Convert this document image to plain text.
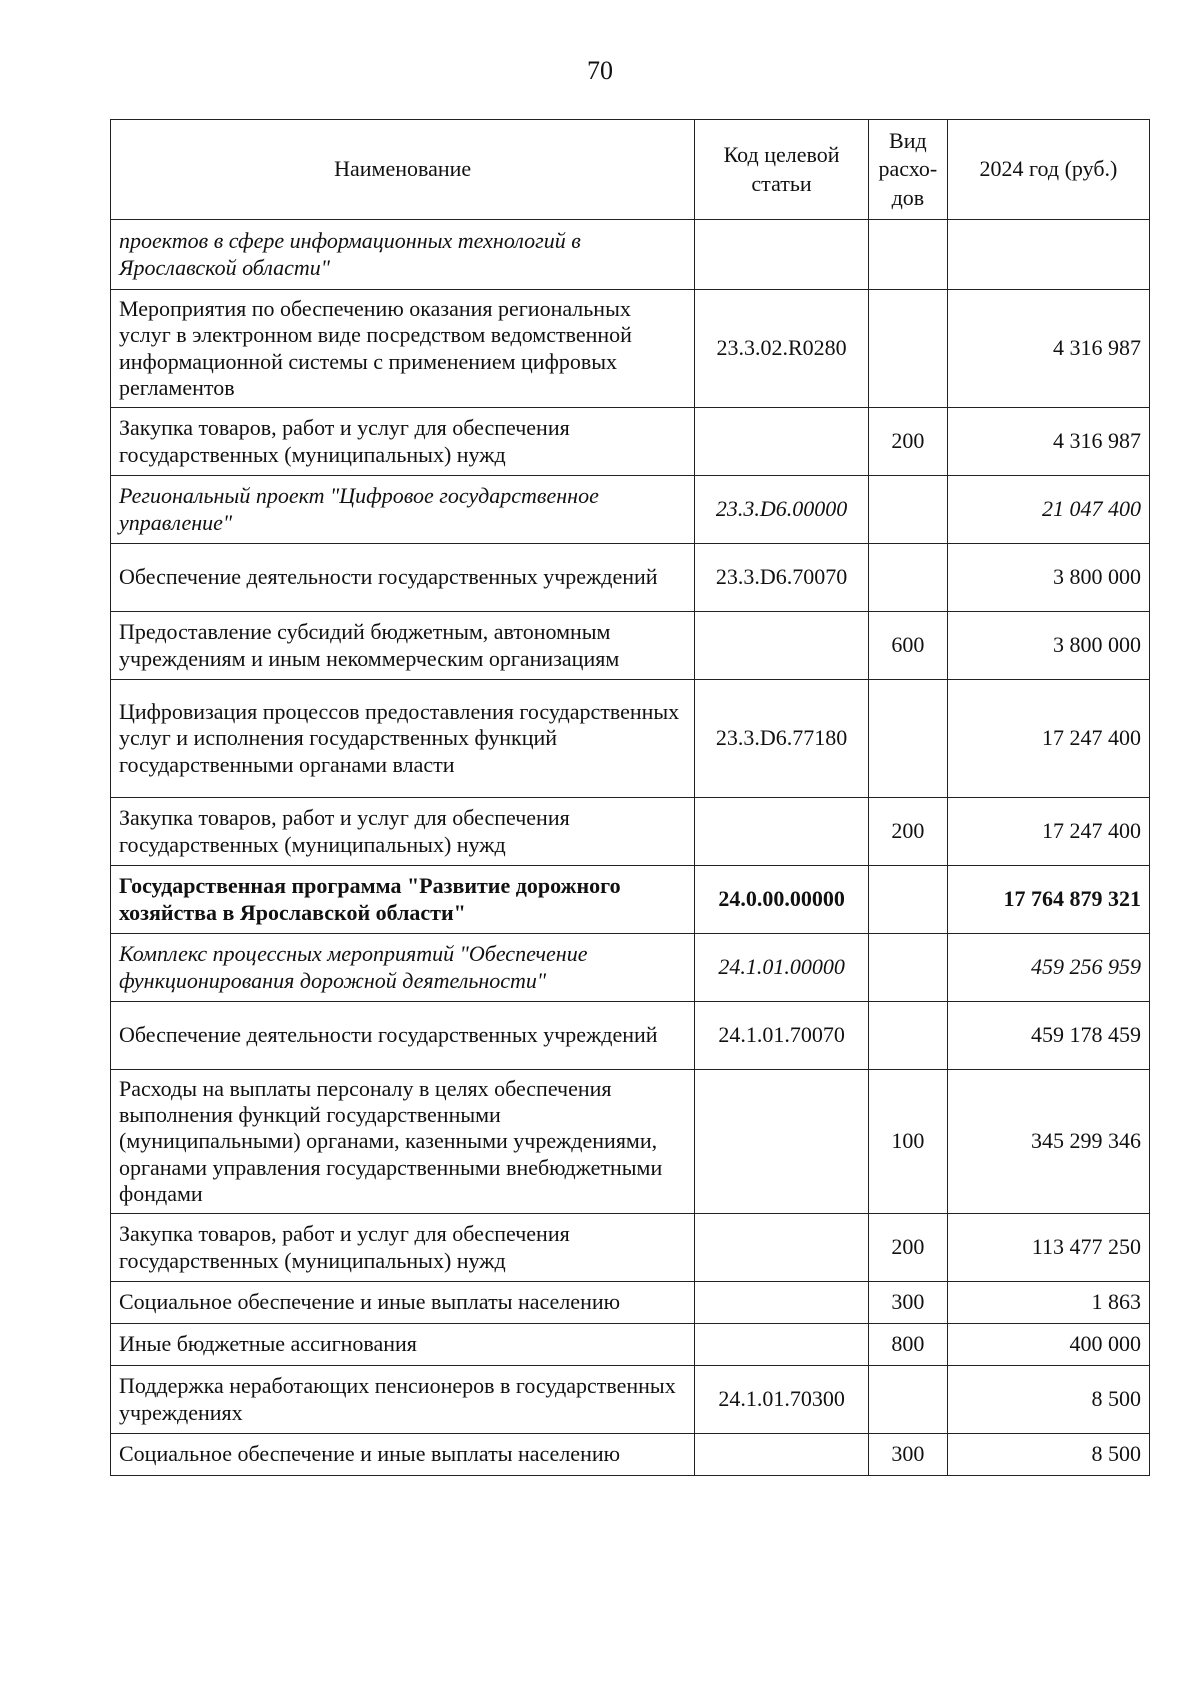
70
Наименование	Код целевой статьи	Вид расхо-дов	2024 год (руб.)
проектов в сфере информационных технологий в Ярославской области"			
Мероприятия по обеспечению оказания региональных услуг в электронном виде посредством ведомственной информационной системы с применением цифровых регламентов	23.3.02.R0280		4 316 987
Закупка товаров, работ и услуг для обеспечения государственных (муниципальных) нужд		200	4 316 987
Региональный проект "Цифровое государственное управление"	23.3.D6.00000		21 047 400
Обеспечение деятельности государственных учреждений	23.3.D6.70070		3 800 000
Предоставление субсидий бюджетным, автономным учреждениям и иным некоммерческим организациям		600	3 800 000
Цифровизация процессов предоставления государственных услуг и исполнения государственных функций государственными органами власти	23.3.D6.77180		17 247 400
Закупка товаров, работ и услуг для обеспечения государственных (муниципальных) нужд		200	17 247 400
Государственная программа "Развитие дорожного хозяйства в Ярославской области"	24.0.00.00000		17 764 879 321
Комплекс процессных мероприятий "Обеспечение функционирования дорожной деятельности"	24.1.01.00000		459 256 959
Обеспечение деятельности государственных учреждений	24.1.01.70070		459 178 459
Расходы на выплаты персоналу в целях обеспечения выполнения функций государственными (муниципальными) органами, казенными учреждениями, органами управления государственными внебюджетными фондами		100	345 299 346
Закупка товаров, работ и услуг для обеспечения государственных (муниципальных) нужд		200	113 477 250
Социальное обеспечение и иные выплаты населению		300	1 863
Иные бюджетные ассигнования		800	400 000
Поддержка неработающих пенсионеров в государственных учреждениях	24.1.01.70300		8 500
Социальное обеспечение и иные выплаты населению		300	8 500
